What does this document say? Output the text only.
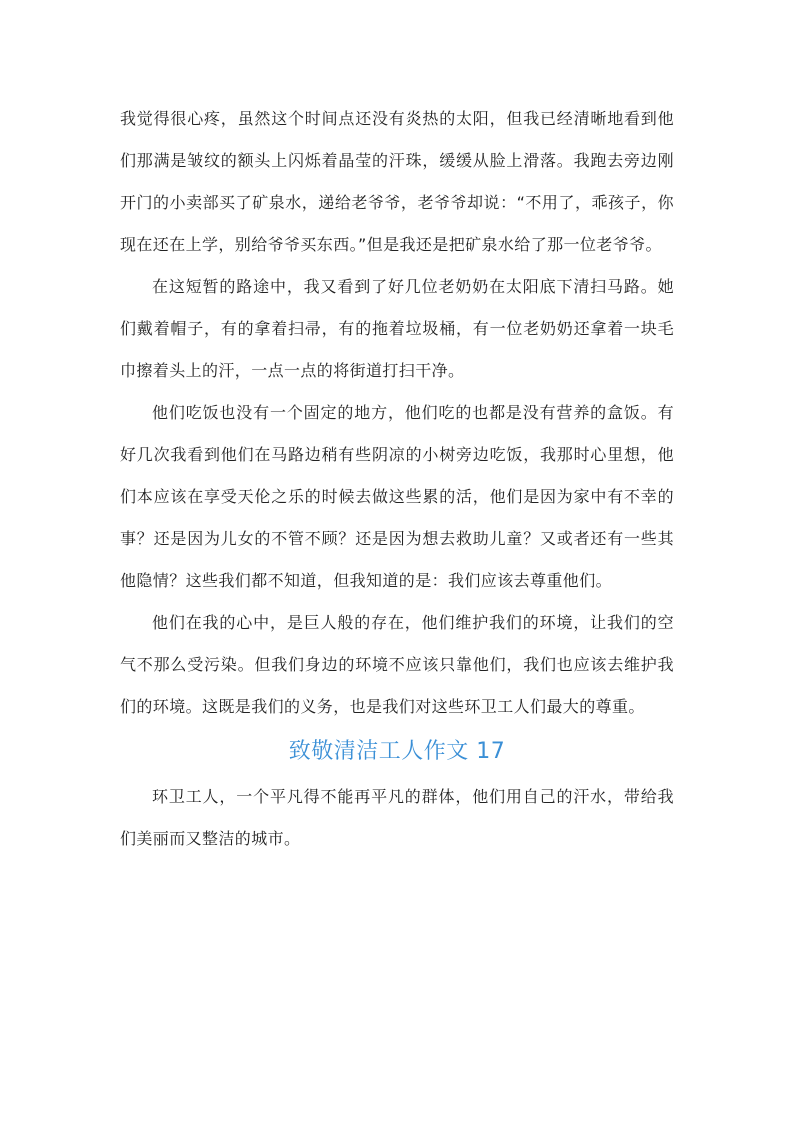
我觉得很心疼，虽然这个时间点还没有炎热的太阳，但我已经清晰地看到他们那满是皱纹的额头上闪烁着晶莹的汗珠，缓缓从脸上滑落。我跑去旁边刚开门的小卖部买了矿泉水，递给老爷爷，老爷爷却说：“不用了，乖孩子，你现在还在上学，别给爷爷买东西。”但是我还是把矿泉水给了那一位老爷爷。

在这短暂的路途中，我又看到了好几位老奶奶在太阳底下清扫马路。她们戴着帽子，有的拿着扫帚，有的拖着垃圾桶，有一位老奶奶还拿着一块毛巾擦着头上的汗，一点一点的将街道打扫干净。

他们吃饭也没有一个固定的地方，他们吃的也都是没有营养的盒饭。有好几次我看到他们在马路边稍有些阴凉的小树旁边吃饭，我那时心里想，他们本应该在享受天伦之乐的时候去做这些累的活，他们是因为家中有不幸的事？还是因为儿女的不管不顾？还是因为想去救助儿童？又或者还有一些其他隐情？这些我们都不知道，但我知道的是：我们应该去尊重他们。

他们在我的心中，是巨人般的存在，他们维护我们的环境，让我们的空气不那么受污染。但我们身边的环境不应该只靠他们，我们也应该去维护我们的环境。这既是我们的义务，也是我们对这些环卫工人们最大的尊重。

致敬清洁工人作文 17

环卫工人，一个平凡得不能再平凡的群体，他们用自己的汗水，带给我们美丽而又整洁的城市。
